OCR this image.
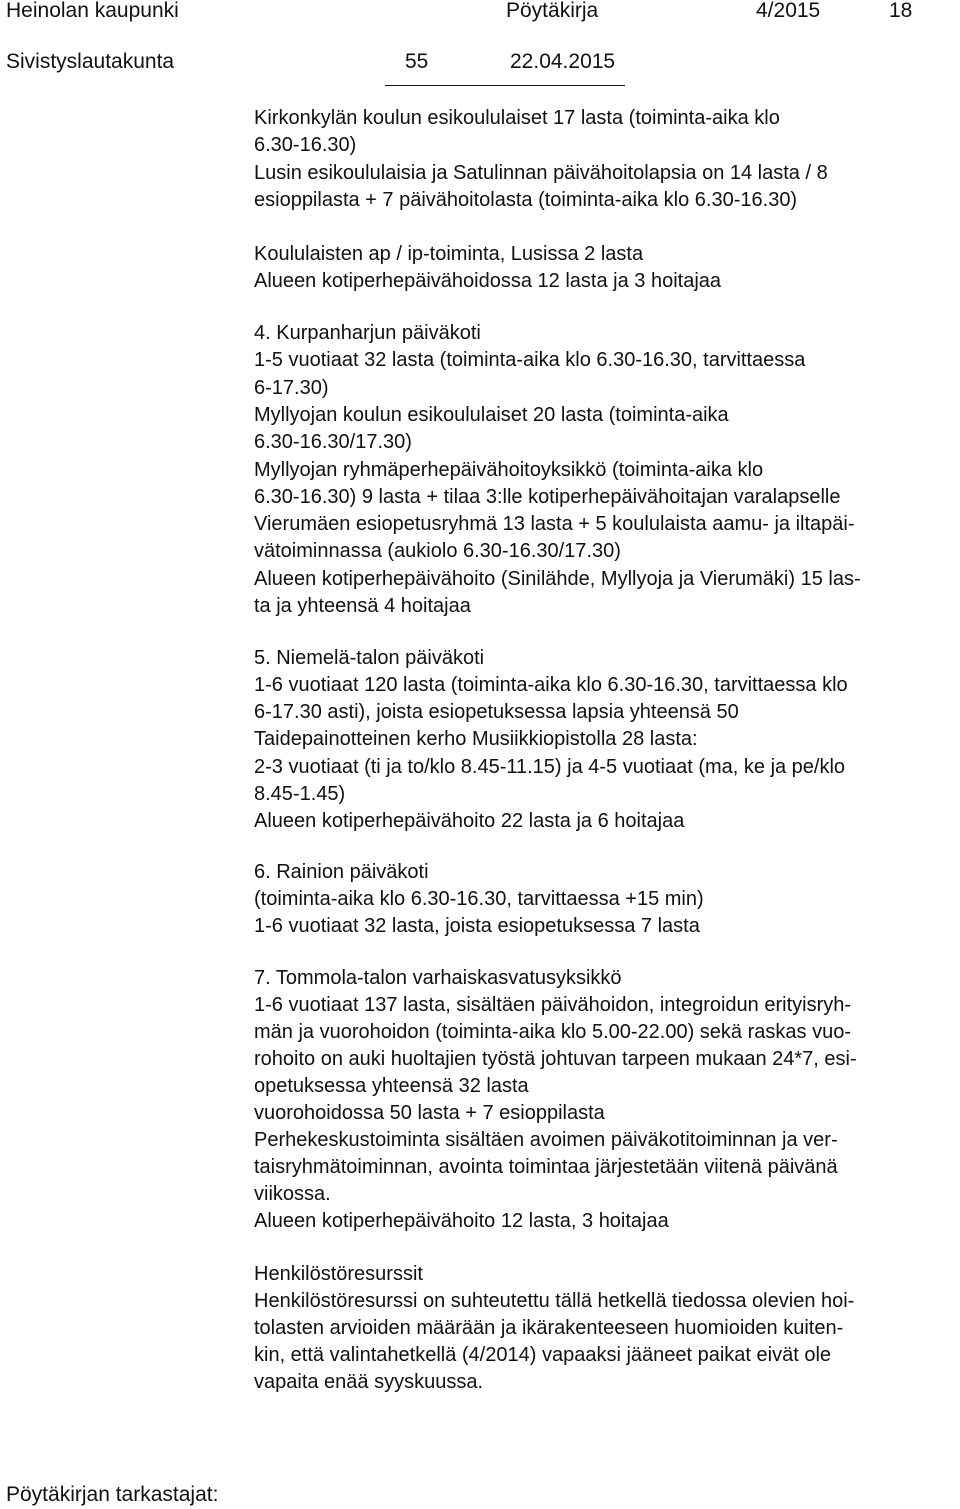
Heinolan kaupunki	Pöytäkirja	4/2015	18
Sivistyslautakunta	55	22.04.2015
Kirkonkylän koulun esikoululaiset 17 lasta (toiminta-aika klo
6.30-16.30)
Lusin esikoululaisia ja Satulinnan päivähoitolapsia on 14 lasta / 8
esioppilasta + 7 päivähoitolasta (toiminta-aika klo 6.30-16.30)
Koululaisten ap / ip-toiminta, Lusissa 2 lasta
Alueen kotiperhepäivähoidossa 12 lasta ja 3 hoitajaa
4. Kurpanharjun päiväkoti
1-5 vuotiaat 32 lasta (toiminta-aika klo 6.30-16.30, tarvittaessa
6-17.30)
Myllyojan koulun esikoululaiset 20 lasta (toiminta-aika
6.30-16.30/17.30)
Myllyojan ryhmäperhepäivähoitoyksikkö (toiminta-aika klo
6.30-16.30) 9 lasta + tilaa 3:lle kotiperhepäivähoitajan varalapselle
Vierumäen esiopetusryhmä 13 lasta + 5 koululaista aamu- ja iltapäi-
vätoiminnassa (aukiolo 6.30-16.30/17.30)
Alueen kotiperhepäivähoito (Sinilähde, Myllyoja ja Vierumäki) 15 las-
ta ja yhteensä 4 hoitajaa
5. Niemelä-talon päiväkoti
1-6 vuotiaat 120 lasta (toiminta-aika klo 6.30-16.30, tarvittaessa klo
6-17.30 asti), joista esiopetuksessa lapsia yhteensä 50
Taidepainotteinen kerho Musiikkiopistolla 28 lasta:
2-3 vuotiaat (ti ja to/klo 8.45-11.15) ja 4-5 vuotiaat (ma, ke ja pe/klo
8.45-1.45)
Alueen kotiperhepäivähoito 22 lasta ja 6 hoitajaa
6. Rainion päiväkoti
(toiminta-aika klo 6.30-16.30, tarvittaessa +15 min)
1-6 vuotiaat 32 lasta, joista esiopetuksessa 7 lasta
7. Tommola-talon varhaiskasvatusyksikkö
1-6 vuotiaat 137 lasta, sisältäen päivähoidon, integroidun erityisryh-
män ja vuorohoidon (toiminta-aika klo 5.00-22.00) sekä raskas vuo-
rohoito on auki huoltajien työstä johtuvan tarpeen mukaan 24*7, esi-
opetuksessa yhteensä 32 lasta
vuorohoidossa 50 lasta + 7 esioppilasta
Perhekeskustoiminta sisältäen avoimen päiväkotitoiminnan ja ver-
taisryhmätoiminnan, avointa toimintaa järjestetään viitenä päivänä
viikossa.
Alueen kotiperhepäivähoito 12 lasta, 3 hoitajaa
Henkilöstöresurssit
Henkilöstöresurssi on suhteutettu tällä hetkellä tiedossa olevien hoi-
tolasten arvioiden määrään ja ikärakenteeseen huomioiden kuiten-
kin, että valintahetkellä (4/2014) vapaaksi jääneet paikat eivät ole
vapaita enää syyskuussa.
Pöytäkirjan tarkastajat:
